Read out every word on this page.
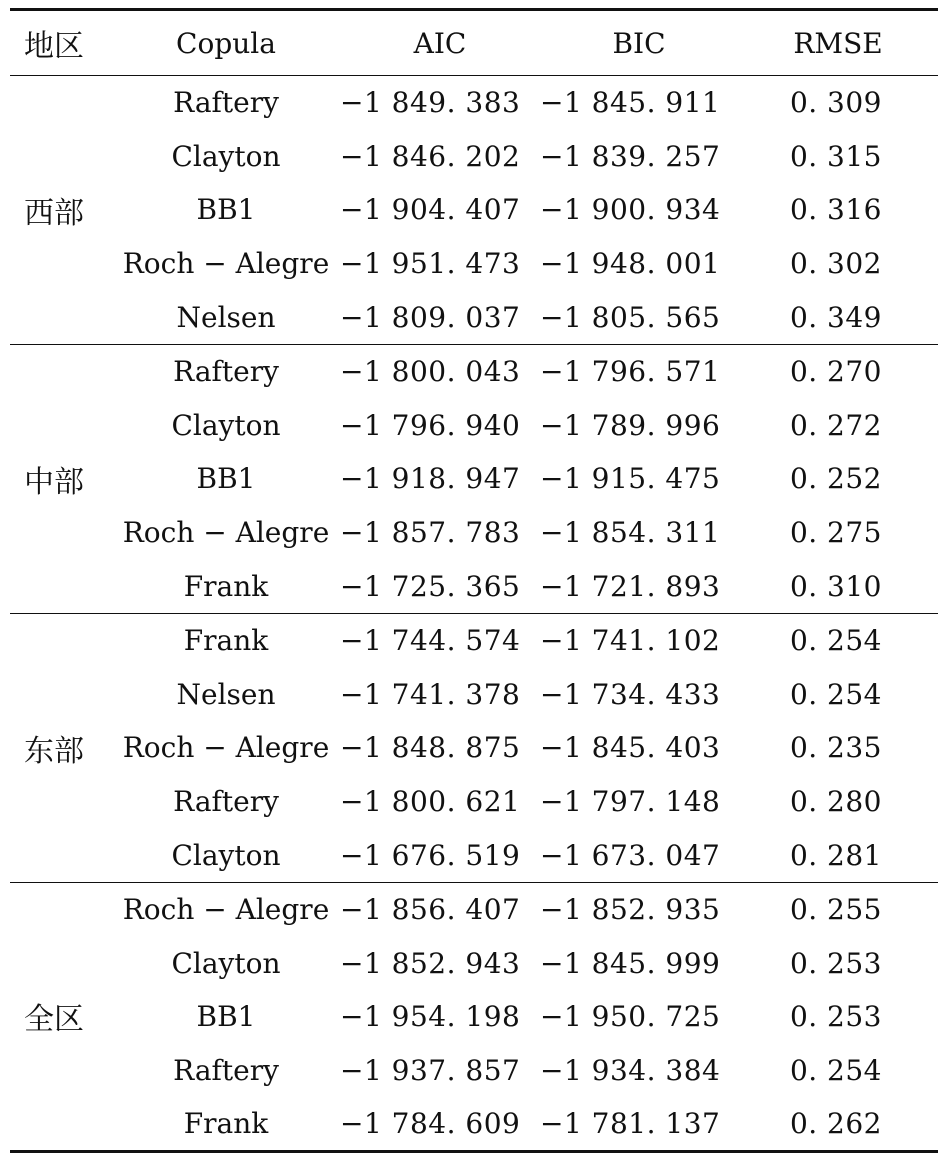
地区	Copula	AIC	BIC	RMSE
西部	Raftery	−1 849. 383	−1 845. 911	0. 309
	Clayton	−1 846. 202	−1 839. 257	0. 315
	BB1	−1 904. 407	−1 900. 934	0. 316
	Roch − Alegre	−1 951. 473	−1 948. 001	0. 302
	Nelsen	−1 809. 037	−1 805. 565	0. 349
中部	Raftery	−1 800. 043	−1 796. 571	0. 270
	Clayton	−1 796. 940	−1 789. 996	0. 272
	BB1	−1 918. 947	−1 915. 475	0. 252
	Roch − Alegre	−1 857. 783	−1 854. 311	0. 275
	Frank	−1 725. 365	−1 721. 893	0. 310
东部	Frank	−1 744. 574	−1 741. 102	0. 254
	Nelsen	−1 741. 378	−1 734. 433	0. 254
	Roch − Alegre	−1 848. 875	−1 845. 403	0. 235
	Raftery	−1 800. 621	−1 797. 148	0. 280
	Clayton	−1 676. 519	−1 673. 047	0. 281
全区	Roch − Alegre	−1 856. 407	−1 852. 935	0. 255
	Clayton	−1 852. 943	−1 845. 999	0. 253
	BB1	−1 954. 198	−1 950. 725	0. 253
	Raftery	−1 937. 857	−1 934. 384	0. 254
	Frank	−1 784. 609	−1 781. 137	0. 262
